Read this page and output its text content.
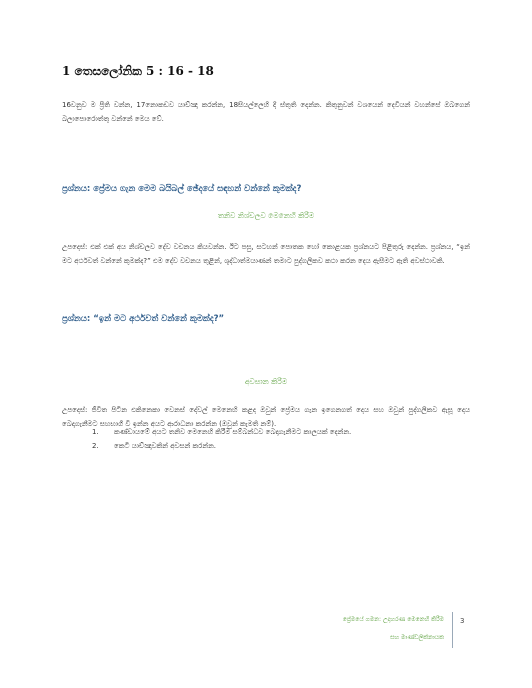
1 තෙසලෝනික 5 : 16 - 18
16වනුව ම ප්‍රීති වන්න, 17නොකඩව යාච්ඤා කරන්න, 18සියල්ලෙහි දී ස්තුති දෙන්න. කිතුනුවන් වශයෙන් දෙවියන් වහන්සේ ඔබගෙන් බලාපොරොත්තු වන්නේ මෙය වේ.
ප්‍රශ්නය: ප්‍රේමය ගැන මෙම බයිබල් ඡේදයේ සඳහන් වන්නේ කුමක්ද?
තනිව නිශ්චලව මෙනෙහි කිරීම
උපදෙස්: එක් එක් අය නිශ්චලව දේව වචනය කියවන්න. ඊට පසු, සටහන් පොතක හෝ කොළයක ප්‍රශ්නයට පිළිතුරු දෙන්න. ප්‍රශ්නය, “ඉන් මට අර්ථවත් වන්නේ කුමක්ද?” එම දේව වචනය තුළින්, ශුද්ධාත්මයාණන් තමාට පුද්ගලිකව කථා කරන දෙය ඇසීමට ඇති අවස්ථාවකි.
ප්‍රශ්නය: “ඉන් මට අර්ථවත් වන්නේ කුමක්ද?”
අවසාන කිරීම
උපදෙස්: ජීවිත පිටින එකිනෙකා වෙනස් දේවල් මෙනෙහි කළද ඔවුන් ප්‍රේමය ගැන ඉගෙනගත් දෙය සහ ඔවුන් පුද්ගලිකව ඇසූ දෙය බෙදාගැනීමට සහභාගී වී ඉන්න අයට ආරාධනා කරන්න (ඔවුන් කැමති නම්).
1. කණ්ඩායමේ අයට තනිව මෙනෙහි කිරීම සම්බන්ධව බෙදාගැනීමට කාලයක් දෙන්න.
2. කෙටි යාච්ඤාවකින් අවසන් කරන්න.
ප්‍රේමයේ ගමන: උදාහරණ මෙනෙහි කිරීම
සහ මාණ්ඩලික්නායක
3
